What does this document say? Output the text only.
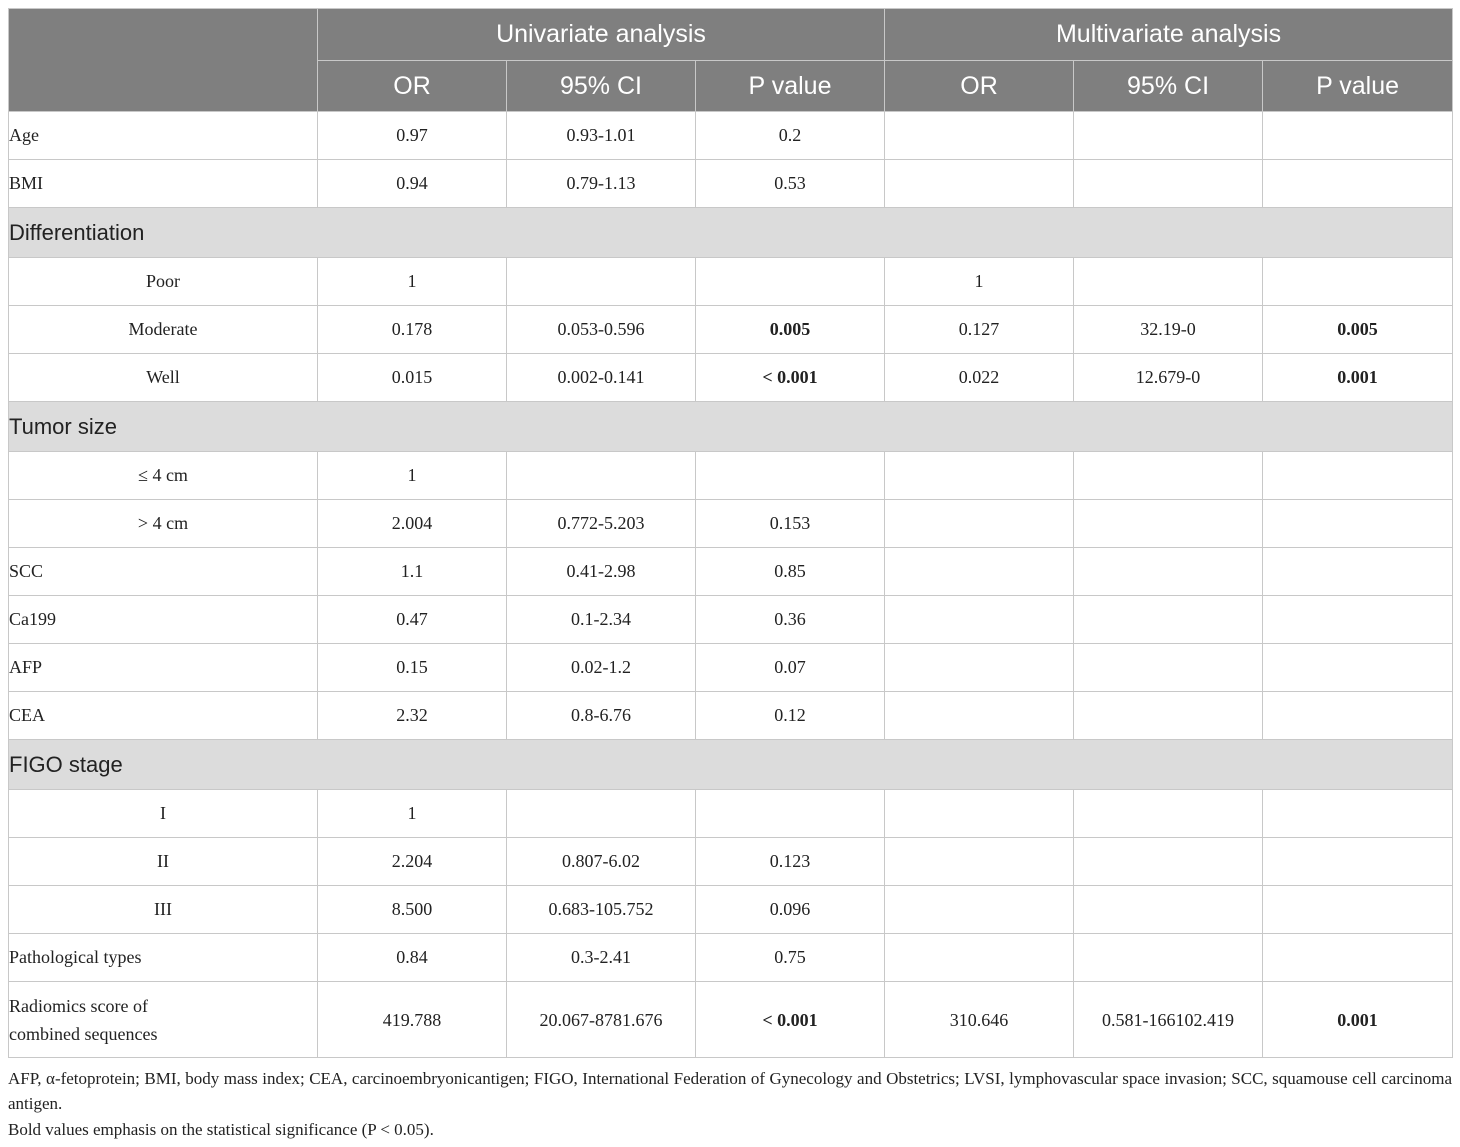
	Univariate analysis			Multivariate analysis		
	OR	95% CI	P value	OR	95% CI	P value
Age	0.97	0.93-1.01	0.2			
BMI	0.94	0.79-1.13	0.53			
Differentiation						
Poor	1			1		
Moderate	0.178	0.053-0.596	0.005	0.127	32.19-0	0.005
Well	0.015	0.002-0.141	< 0.001	0.022	12.679-0	0.001
Tumor size						
≤ 4 cm	1					
> 4 cm	2.004	0.772-5.203	0.153			
SCC	1.1	0.41-2.98	0.85			
Ca199	0.47	0.1-2.34	0.36			
AFP	0.15	0.02-1.2	0.07			
CEA	2.32	0.8-6.76	0.12			
FIGO stage						
I	1					
II	2.204	0.807-6.02	0.123			
III	8.500	0.683-105.752	0.096			
Pathological types	0.84	0.3-2.41	0.75			
Radiomics score of
combined sequences	419.788	20.067-8781.676	< 0.001	310.646	0.581-166102.419	0.001
AFP, α-fetoprotein; BMI, body mass index; CEA, carcinoembryonicantigen; FIGO, International Federation of Gynecology and Obstetrics; LVSI, lymphovascular space invasion; SCC, squamouse cell carcinoma antigen.
Bold values emphasis on the statistical significance (P < 0.05).
